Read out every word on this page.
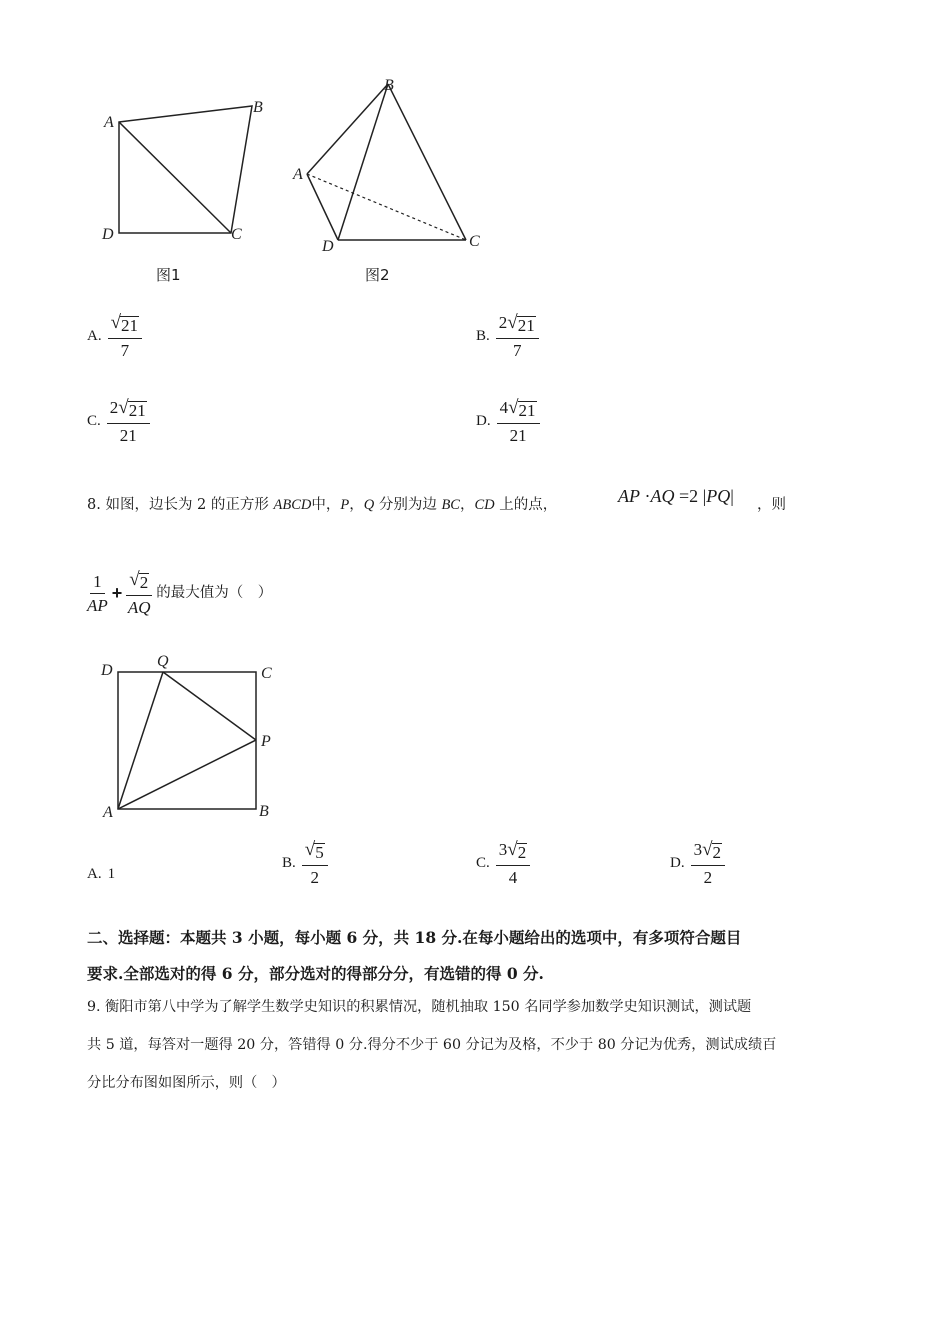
A
B
C
D
图1
A
B
C
D
图2
A. $\frac{√ 21}{7}$	B. $\frac{2 √ 21}{7}$
C. $\frac{2 √ 21}{21}$	D. $\frac{4 √ 21}{21}$
8. 如图，边长为 2 的正方形 ABCD中，P，Q 分别为边 BC，CD 上的点，	AP ·AQ =2 |PQ| ，则
$\frac{1}{AP} + \frac{√ 2}{AQ}$ 的最大值为（　）
D
Q
C
P
A	B
A. 1
B. $\frac{√ 5}{2}$	C. $\frac{3 √ 2}{4}$	D. $\frac{3 √ 2}{2}$
二、选择题：本题共 3 小题，每小题 6 分，共 18 分.在每小题给出的选项中，有多项符合题目
要求.全部选对的得 6 分，部分选对的得部分分，有选错的得 0 分.
9. 衡阳市第八中学为了解学生数学史知识的积累情况，随机抽取 150 名同学参加数学史知识测试，测试题
共 5 道，每答对一题得 20 分，答错得 0 分.得分不少于 60 分记为及格，不少于 80 分记为优秀，测试成绩百
分比分布图如图所示，则（　）
